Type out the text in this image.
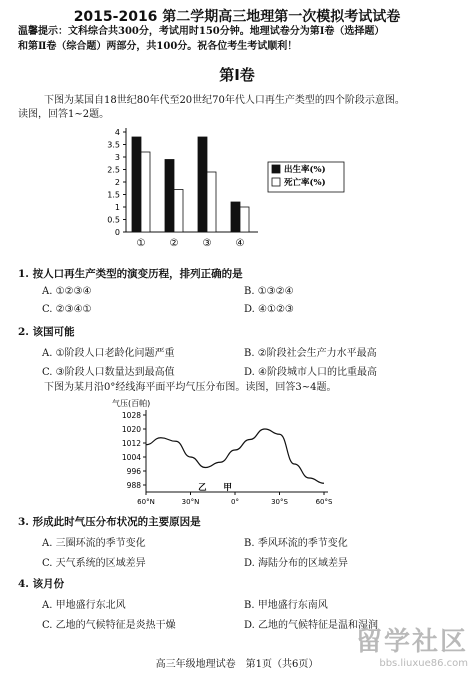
2015-2016 第二学期高三地理第一次模拟考试试卷
温馨提示：文科综合共300分，考试用时150分钟。地理试卷分为第Ⅰ卷（选择题）
和第Ⅱ卷（综合题）两部分，共100分。祝各位考生考试顺利！
第Ⅰ卷
下图为某国自18世纪80年代至20世纪70年代人口再生产类型的四个阶段示意图。
读图，回答1~2题。
0
0.5
1
1.5
2
2.5
3
3.5
4
① ② ③ ④
出生率(%)
死亡率(%)
1. 按人口再生产类型的演变历程，排列正确的是
A. ①②③④	B. ①③②④
C. ②③④①	D. ④①②③
2. 该国可能
A. ①阶段人口老龄化问题严重	B. ②阶段社会生产力水平最高
C. ③阶段人口数量达到最高值	D. ④阶段城市人口的比重最高
下图为某月沿0°经线海平面平均气压分布图。读图，回答3~4题。
气压(百帕)
988
996
1004
1012
1020
1028
60°N	30°N	0°	30°S	60°S
乙 甲
3. 形成此时气压分布状况的主要原因是
A. 三圈环流的季节变化	B. 季风环流的季节变化
C. 天气系统的区域差异	D. 海陆分布的区域差异
4. 该月份
A. 甲地盛行东北风	B. 甲地盛行东南风
C. 乙地的气候特征是炎热干燥	D. 乙地的气候特征是温和湿润
高三年级地理试卷　第1页（共6页）
留学社区
bbs.liuxue86.com
